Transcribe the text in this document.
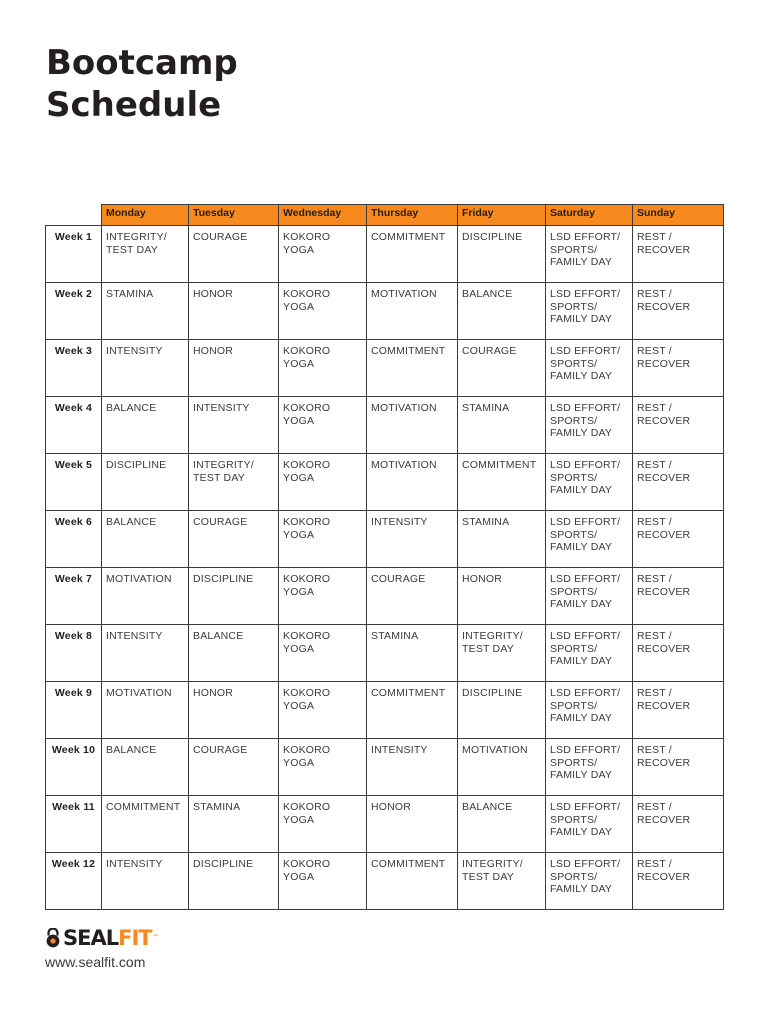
Bootcamp
Schedule
	Monday	Tuesday	Wednesday	Thursday	Friday	Saturday	Sunday
Week 1	INTEGRITY/
TEST DAY	COURAGE	KOKORO
YOGA	COMMITMENT	DISCIPLINE	LSD EFFORT/
SPORTS/
FAMILY DAY	REST /
RECOVER
Week 2	STAMINA	HONOR	KOKORO
YOGA	MOTIVATION	BALANCE	LSD EFFORT/
SPORTS/
FAMILY DAY	REST /
RECOVER
Week 3	INTENSITY	HONOR	KOKORO
YOGA	COMMITMENT	COURAGE	LSD EFFORT/
SPORTS/
FAMILY DAY	REST /
RECOVER
Week 4	BALANCE	INTENSITY	KOKORO
YOGA	MOTIVATION	STAMINA	LSD EFFORT/
SPORTS/
FAMILY DAY	REST /
RECOVER
Week 5	DISCIPLINE	INTEGRITY/
TEST DAY	KOKORO
YOGA	MOTIVATION	COMMITMENT	LSD EFFORT/
SPORTS/
FAMILY DAY	REST /
RECOVER
Week 6	BALANCE	COURAGE	KOKORO
YOGA	INTENSITY	STAMINA	LSD EFFORT/
SPORTS/
FAMILY DAY	REST /
RECOVER
Week 7	MOTIVATION	DISCIPLINE	KOKORO
YOGA	COURAGE	HONOR	LSD EFFORT/
SPORTS/
FAMILY DAY	REST /
RECOVER
Week 8	INTENSITY	BALANCE	KOKORO
YOGA	STAMINA	INTEGRITY/
TEST DAY	LSD EFFORT/
SPORTS/
FAMILY DAY	REST /
RECOVER
Week 9	MOTIVATION	HONOR	KOKORO
YOGA	COMMITMENT	DISCIPLINE	LSD EFFORT/
SPORTS/
FAMILY DAY	REST /
RECOVER
Week 10	BALANCE	COURAGE	KOKORO
YOGA	INTENSITY	MOTIVATION	LSD EFFORT/
SPORTS/
FAMILY DAY	REST /
RECOVER
Week 11	COMMITMENT	STAMINA	KOKORO
YOGA	HONOR	BALANCE	LSD EFFORT/
SPORTS/
FAMILY DAY	REST /
RECOVER
Week 12	INTENSITY	DISCIPLINE	KOKORO
YOGA	COMMITMENT	INTEGRITY/
TEST DAY	LSD EFFORT/
SPORTS/
FAMILY DAY	REST /
RECOVER
SEALFIT™
www.sealfit.com
